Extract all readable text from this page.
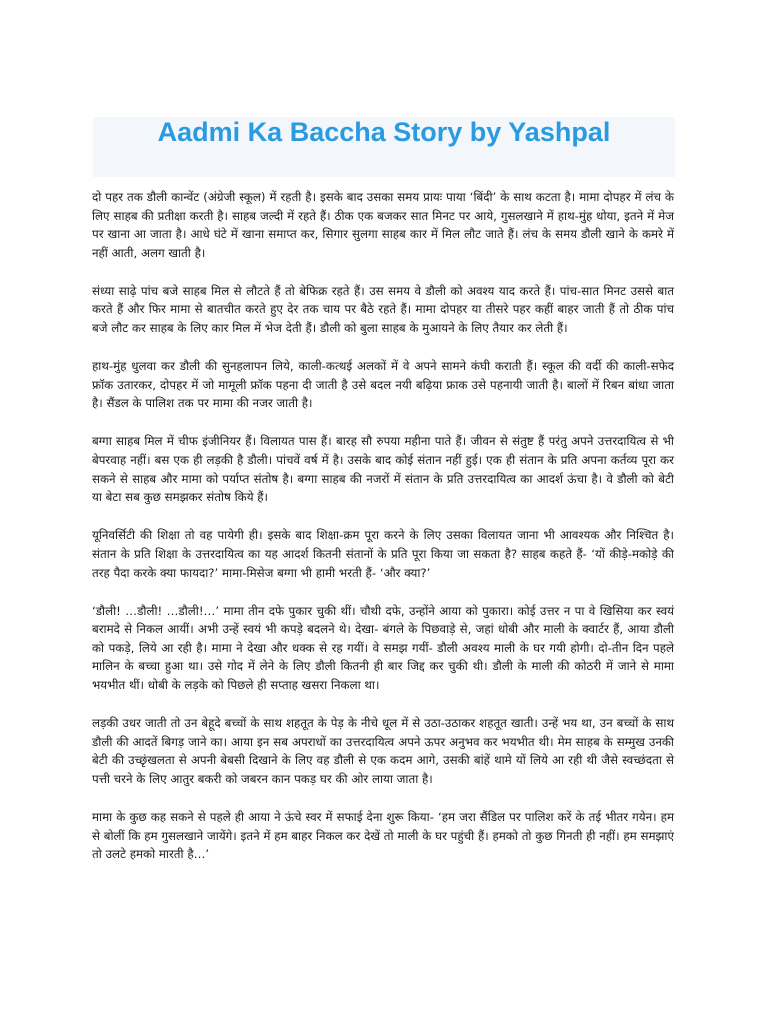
Aadmi Ka Baccha Story by Yashpal

दो पहर तक डौली कान्वेंट (अंग्रेजी स्कूल) में रहती है। इसके बाद उसका समय प्रायः पाया ‘बिंदी’ के साथ कटता है। मामा दोपहर में लंच के लिए साहब की प्रतीक्षा करती है। साहब जल्दी में रहते हैं। ठीक एक बजकर सात मिनट पर आये, गुसलखाने में हाथ-मुंह धोया, इतने में मेज पर खाना आ जाता है। आधे घंटे में खाना समाप्त कर, सिगार सुलगा साहब कार में मिल लौट जाते हैं। लंच के समय डौली खाने के कमरे में नहीं आती, अलग खाती है।

संध्या साढ़े पांच बजे साहब मिल से लौटते हैं तो बेफिक्र रहते हैं। उस समय वे डौली को अवश्य याद करते हैं। पांच-सात मिनट उससे बात करते हैं और फिर मामा से बातचीत करते हुए देर तक चाय पर बैठे रहते हैं। मामा दोपहर या तीसरे पहर कहीं बाहर जाती हैं तो ठीक पांच बजे लौट कर साहब के लिए कार मिल में भेज देती हैं। डौली को बुला साहब के मुआयने के लिए तैयार कर लेती हैं।

हाथ-मुंह धुलवा कर डौली की सुनहलापन लिये, काली-कत्थई अलकों में वे अपने सामने कंघी कराती हैं। स्कूल की वर्दी की काली-सफेद फ्रॉक उतारकर, दोपहर में जो मामूली फ्रॉक पहना दी जाती है उसे बदल नयी बढ़िया फ्राक उसे पहनायी जाती है। बालों में रिबन बांधा जाता है। सैंडल के पालिश तक पर मामा की नजर जाती है।

बग्गा साहब मिल में चीफ इंजीनियर हैं। विलायत पास हैं। बारह सौ रुपया महीना पाते हैं। जीवन से संतुष्ट हैं परंतु अपने उत्तरदायित्व से भी बेपरवाह नहीं। बस एक ही लड़की है डौली। पांचवें वर्ष में है। उसके बाद कोई संतान नहीं हुई। एक ही संतान के प्रति अपना कर्तव्य पूरा कर सकने से साहब और मामा को पर्याप्त संतोष है। बग्गा साहब की नजरों में संतान के प्रति उत्तरदायित्व का आदर्श ऊंचा है। वे डौली को बेटी या बेटा सब कुछ समझकर संतोष किये हैं।

यूनिवर्सिटी की शिक्षा तो वह पायेगी ही। इसके बाद शिक्षा-क्रम पूरा करने के लिए उसका विलायत जाना भी आवश्यक और निश्चित है। संतान के प्रति शिक्षा के उत्तरदायित्व का यह आदर्श कितनी संतानों के प्रति पूरा किया जा सकता है? साहब कहते हैं- ‘यों कीड़े-मकोड़े की तरह पैदा करके क्या फायदा?’ मामा-मिसेज बग्गा भी हामी भरती हैं- ‘और क्या?’

‘डौली! …डौली! …डौली!…’ मामा तीन दफे पुकार चुकी थीं। चौथी दफे, उन्होंने आया को पुकारा। कोई उत्तर न पा वे खिसिया कर स्वयं बरामदे से निकल आयीं। अभी उन्हें स्वयं भी कपड़े बदलने थे। देखा- बंगले के पिछवाड़े से, जहां धोबी और माली के क्वार्टर हैं, आया डौली को पकड़े, लिये आ रही है। मामा ने देखा और धक्क से रह गयीं। वे समझ गयीं- डौली अवश्य माली के घर गयी होगी। दो-तीन दिन पहले मालिन के बच्चा हुआ था। उसे गोद में लेने के लिए डौली कितनी ही बार जिद्द कर चुकी थी। डौली के माली की कोठरी में जाने से मामा भयभीत थीं। धोबी के लड़के को पिछले ही सप्ताह खसरा निकला था।

लड़की उधर जाती तो उन बेहूदे बच्चों के साथ शहतूत के पेड़ के नीचे धूल में से उठा-उठाकर शहतूत खाती। उन्हें भय था, उन बच्चों के साथ डौली की आदतें बिगड़ जाने का। आया इन सब अपराधों का उत्तरदायित्व अपने ऊपर अनुभव कर भयभीत थी। मेम साहब के सम्मुख उनकी बेटी की उच्छृंखलता से अपनी बेबसी दिखाने के लिए वह डौली से एक कदम आगे, उसकी बांहें थामे यों लिये आ रही थी जैसे स्वच्छंदता से पत्ती चरने के लिए आतुर बकरी को जबरन कान पकड़ घर की ओर लाया जाता है।

मामा के कुछ कह सकने से पहले ही आया ने ऊंचे स्वर में सफाई देना शुरू किया- ‘हम जरा सैंडिल पर पालिश करें के तई भीतर गयेन। हम से बोलीं कि हम गुसलखाने जायेंगे। इतने में हम बाहर निकल कर देखें तो माली के घर पहुंची हैं। हमको तो कुछ गिनती ही नहीं। हम समझाएं तो उलटे हमको मारती है…’
